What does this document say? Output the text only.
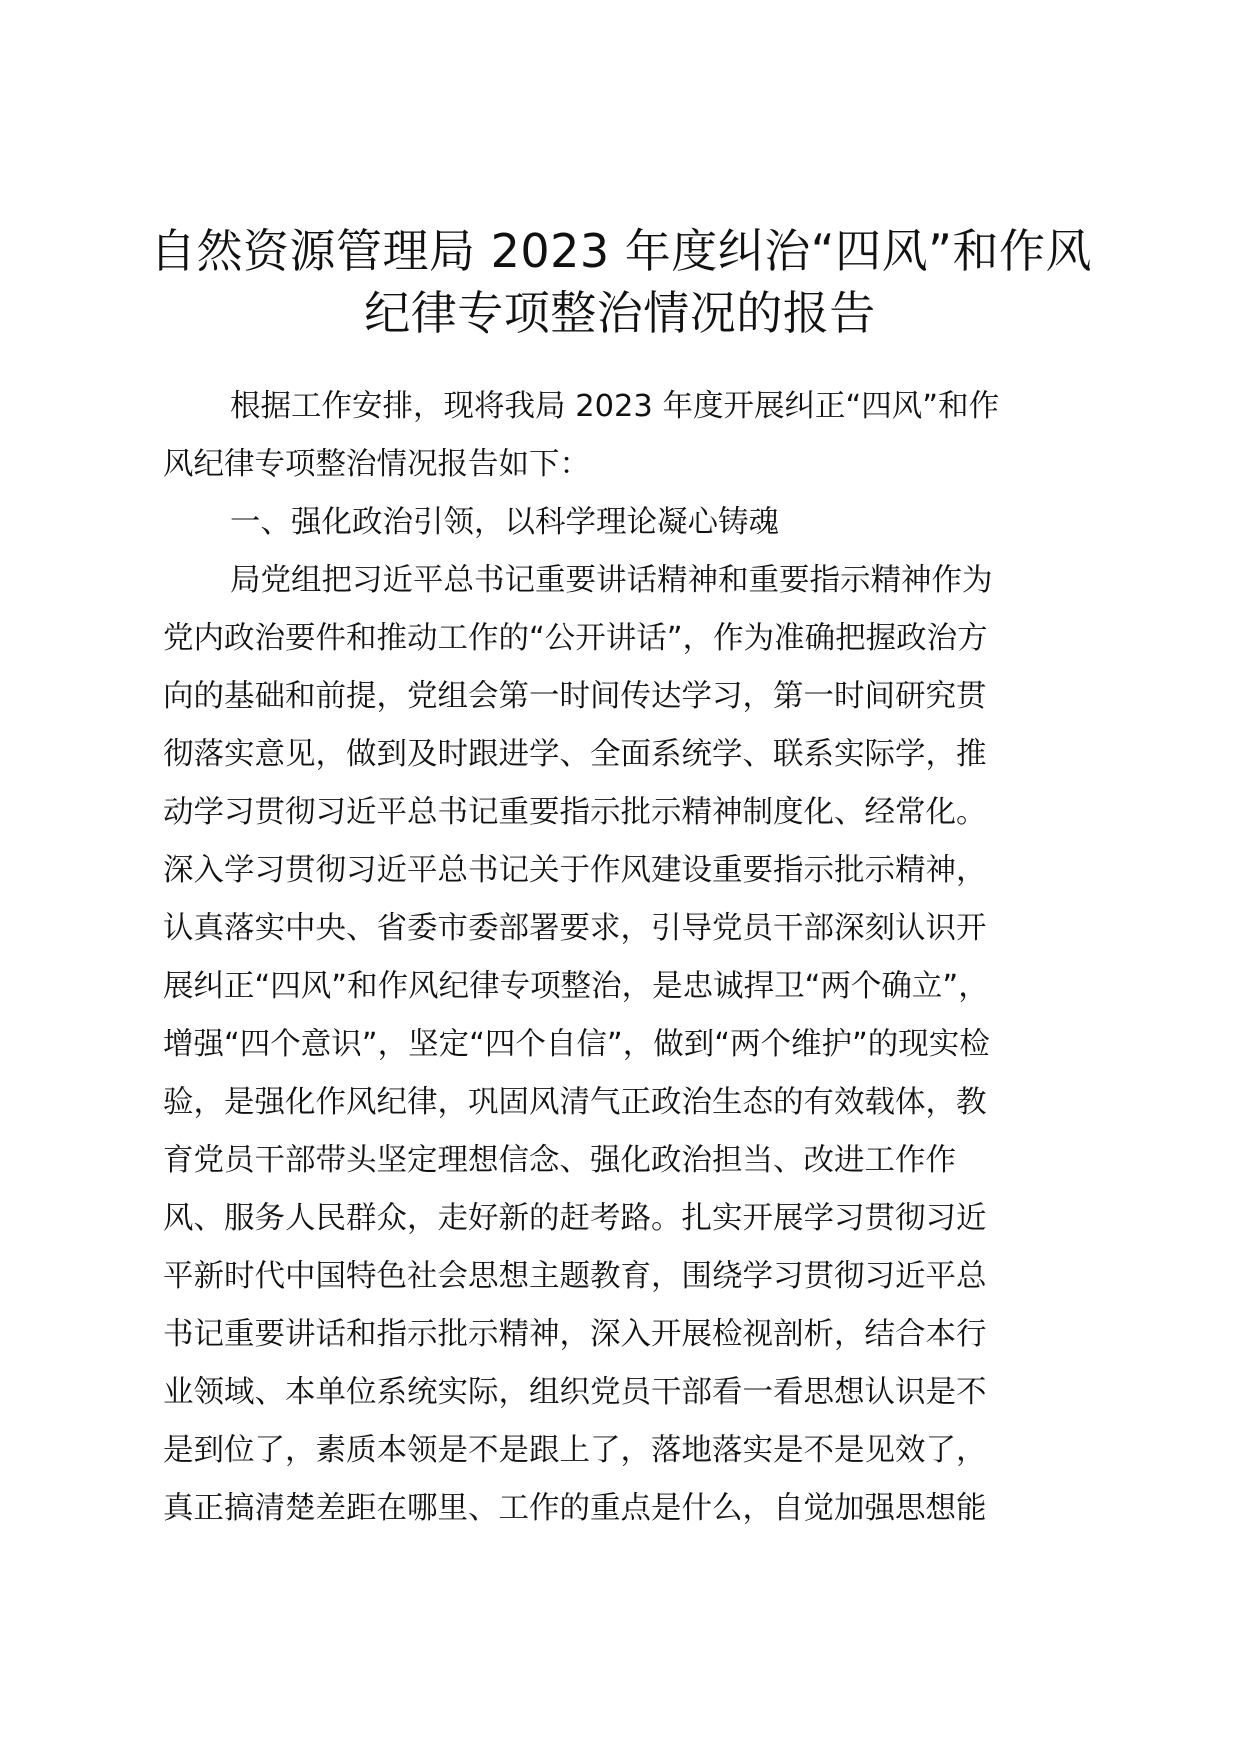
自然资源管理局 2023 年度纠治“四风”和作风
纪律专项整治情况的报告
根据工作安排，现将我局 2023 年度开展纠正“四风”和作
风纪律专项整治情况报告如下：
一、强化政治引领，以科学理论凝心铸魂
局党组把习近平总书记重要讲话精神和重要指示精神作为
党内政治要件和推动工作的“公开讲话”，作为准确把握政治方
向的基础和前提，党组会第一时间传达学习，第一时间研究贯
彻落实意见，做到及时跟进学、全面系统学、联系实际学，推
动学习贯彻习近平总书记重要指示批示精神制度化、经常化。
深入学习贯彻习近平总书记关于作风建设重要指示批示精神，
认真落实中央、省委市委部署要求，引导党员干部深刻认识开
展纠正“四风”和作风纪律专项整治，是忠诚捍卫“两个确立”，
增强“四个意识”，坚定“四个自信”，做到“两个维护”的现实检
验，是强化作风纪律，巩固风清气正政治生态的有效载体，教
育党员干部带头坚定理想信念、强化政治担当、改进工作作
风、服务人民群众，走好新的赶考路。扎实开展学习贯彻习近
平新时代中国特色社会思想主题教育，围绕学习贯彻习近平总
书记重要讲话和指示批示精神，深入开展检视剖析，结合本行
业领域、本单位系统实际，组织党员干部看一看思想认识是不
是到位了，素质本领是不是跟上了，落地落实是不是见效了，
真正搞清楚差距在哪里、工作的重点是什么，自觉加强思想能
